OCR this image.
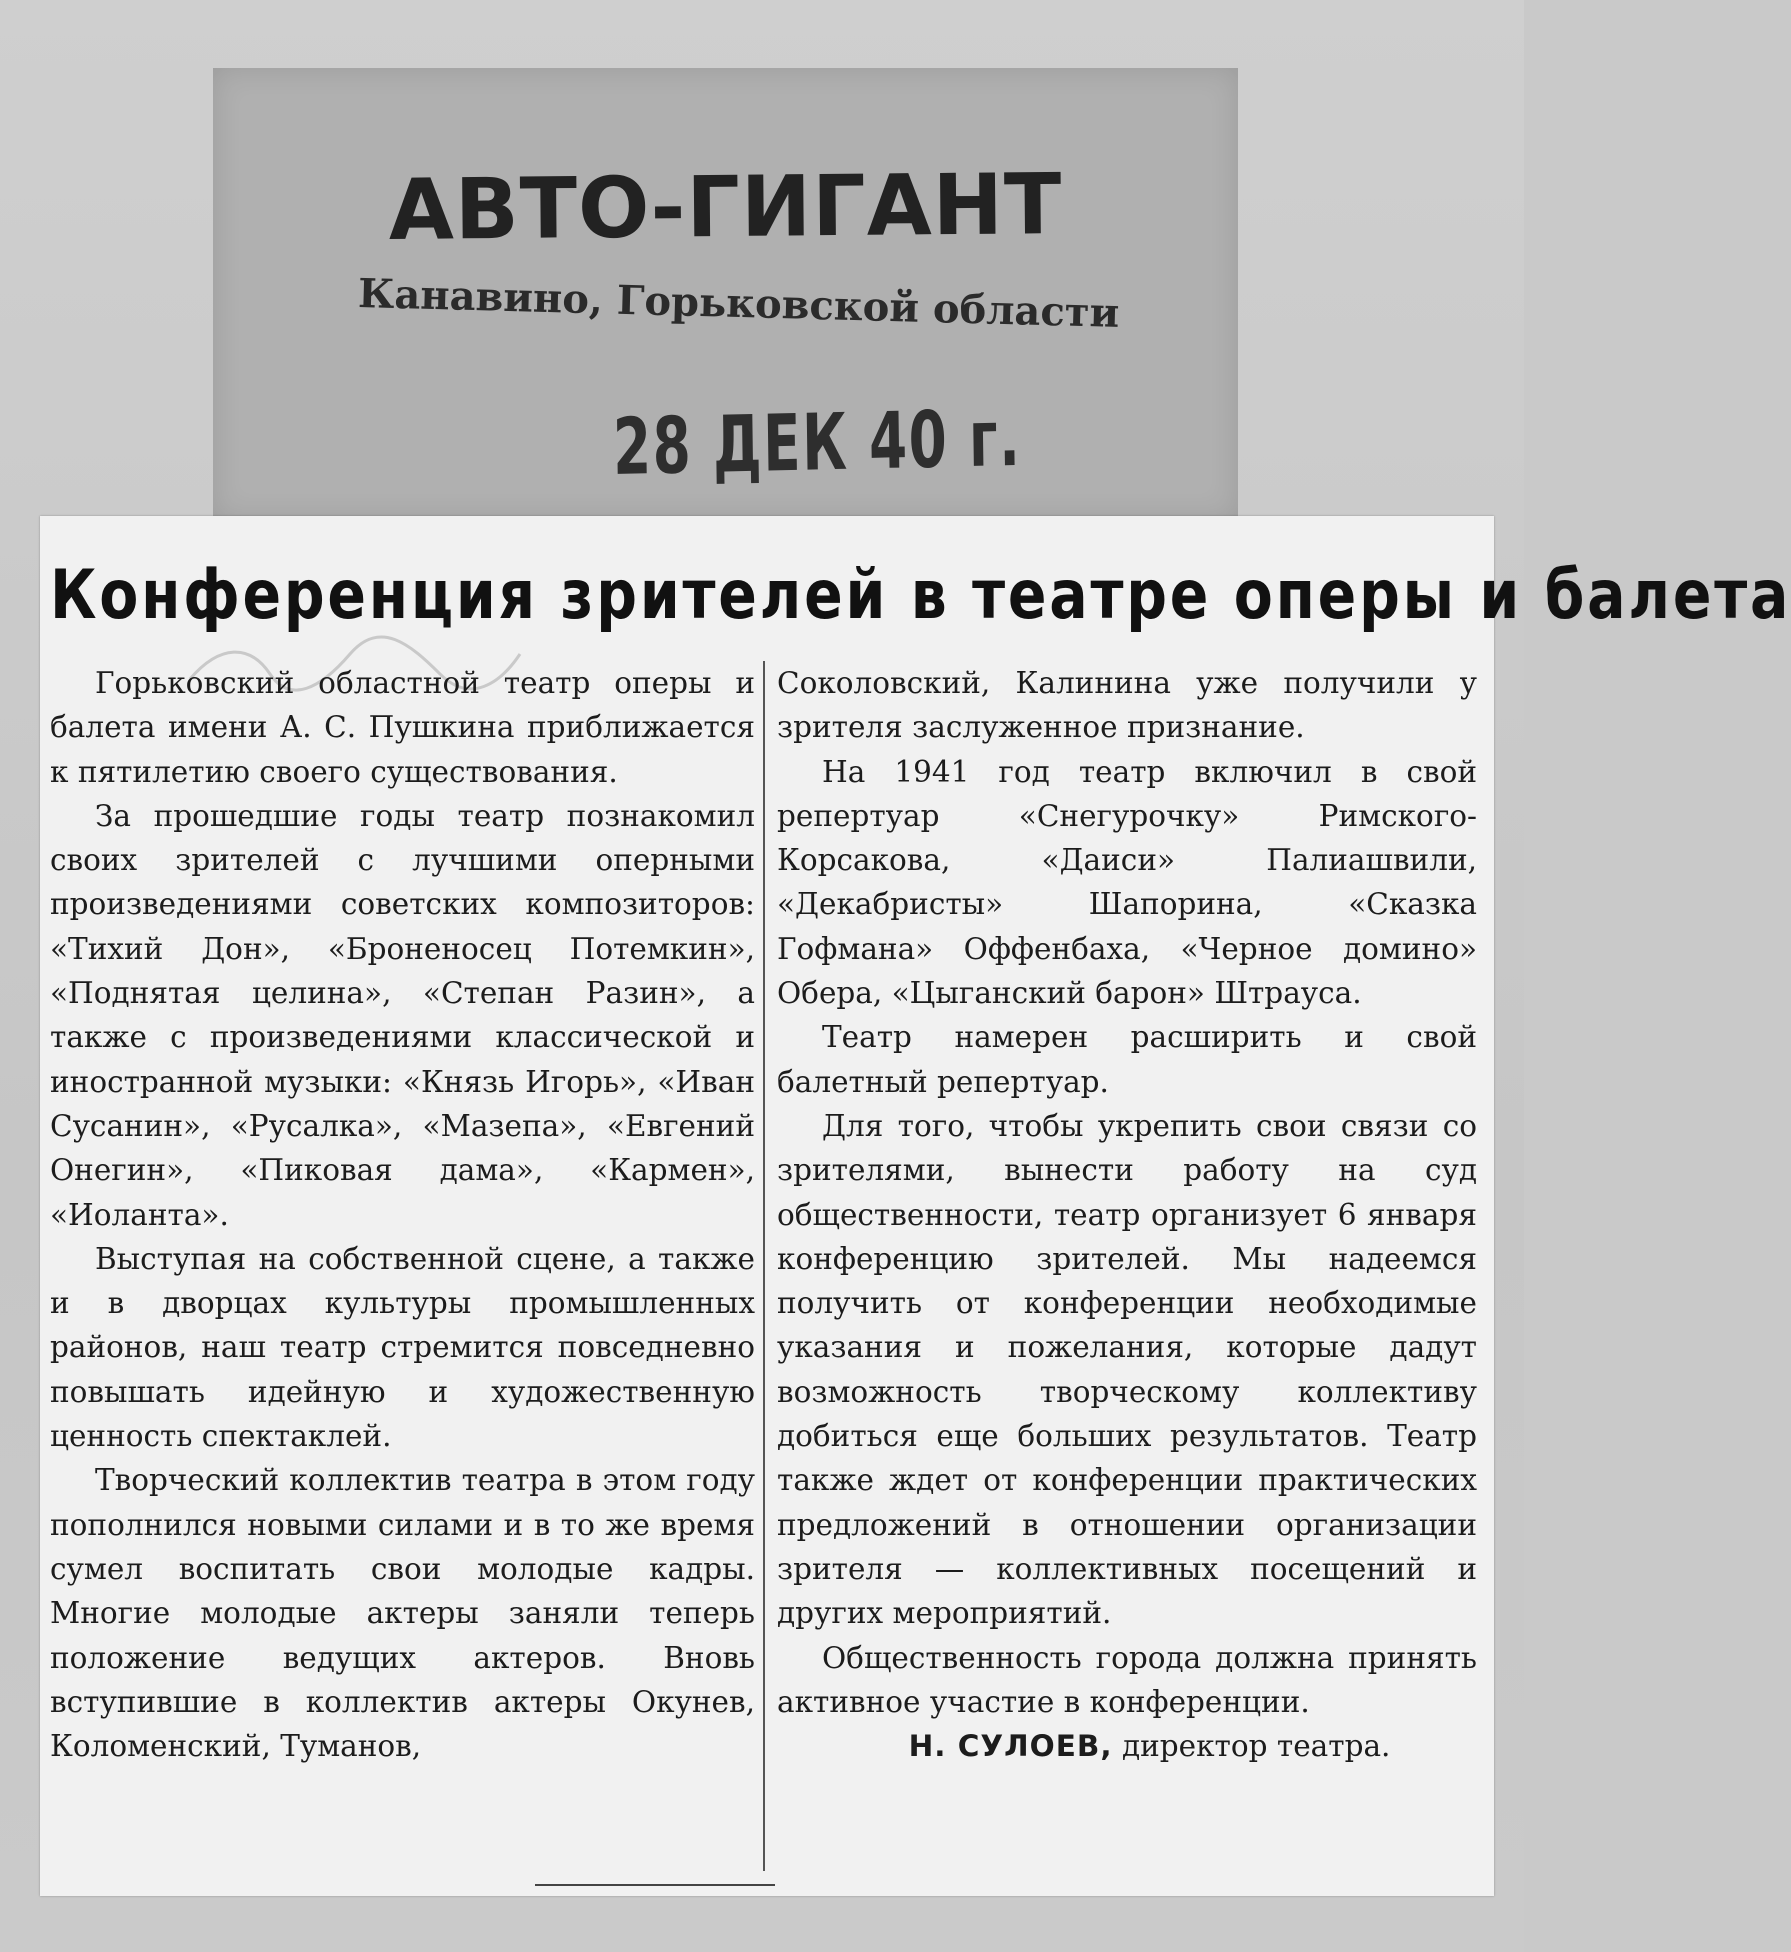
АВТО-ГИГАНТ
Канавино, Горьковской области
28 ДЕК 40 г.
Конференция зрителей в театре оперы и балета

Горьковский областной театр оперы и балета имени А. С. Пушкина приближается к пятилетию своего существования.

За прошедшие годы театр познакомил своих зрителей с лучшими оперными произведениями советских композиторов: «Тихий Дон», «Броненосец Потемкин», «Поднятая целина», «Степан Разин», а также с произведениями классической и иностранной музыки: «Князь Игорь», «Иван Сусанин», «Русалка», «Мазепа», «Евгений Онегин», «Пиковая дама», «Кармен», «Иоланта».

Выступая на собственной сцене, а также и в дворцах культуры промышленных районов, наш театр стремится повседневно повышать идейную и художественную ценность спектаклей.

Творческий коллектив театра в этом году пополнился новыми силами и в то же время сумел воспитать свои молодые кадры. Многие молодые актеры заняли теперь положение ведущих актеров. Вновь вступившие в коллектив актеры Окунев, Коломенский, Туманов,

Соколовский, Калинина уже получили у зрителя заслуженное признание.

На 1941 год театр включил в свой репертуар «Снегурочку» Римского-Корсакова, «Даиси» Палиашвили, «Декабристы» Шапорина, «Сказка Гофмана» Оффенбаха, «Черное домино» Обера, «Цыганский барон» Штрауса.

Театр намерен расширить и свой балетный репертуар.

Для того, чтобы укрепить свои связи со зрителями, вынести работу на суд общественности, театр организует 6 января конференцию зрителей. Мы надеемся получить от конференции необходимые указания и пожелания, которые дадут возможность творческому коллективу добиться еще больших результатов. Театр также ждет от конференции практических предложений в отношении организации зрителя — коллективных посещений и других мероприятий.

Общественность города должна принять активное участие в конференции.

Н. СУЛОЕВ, директор театра.
